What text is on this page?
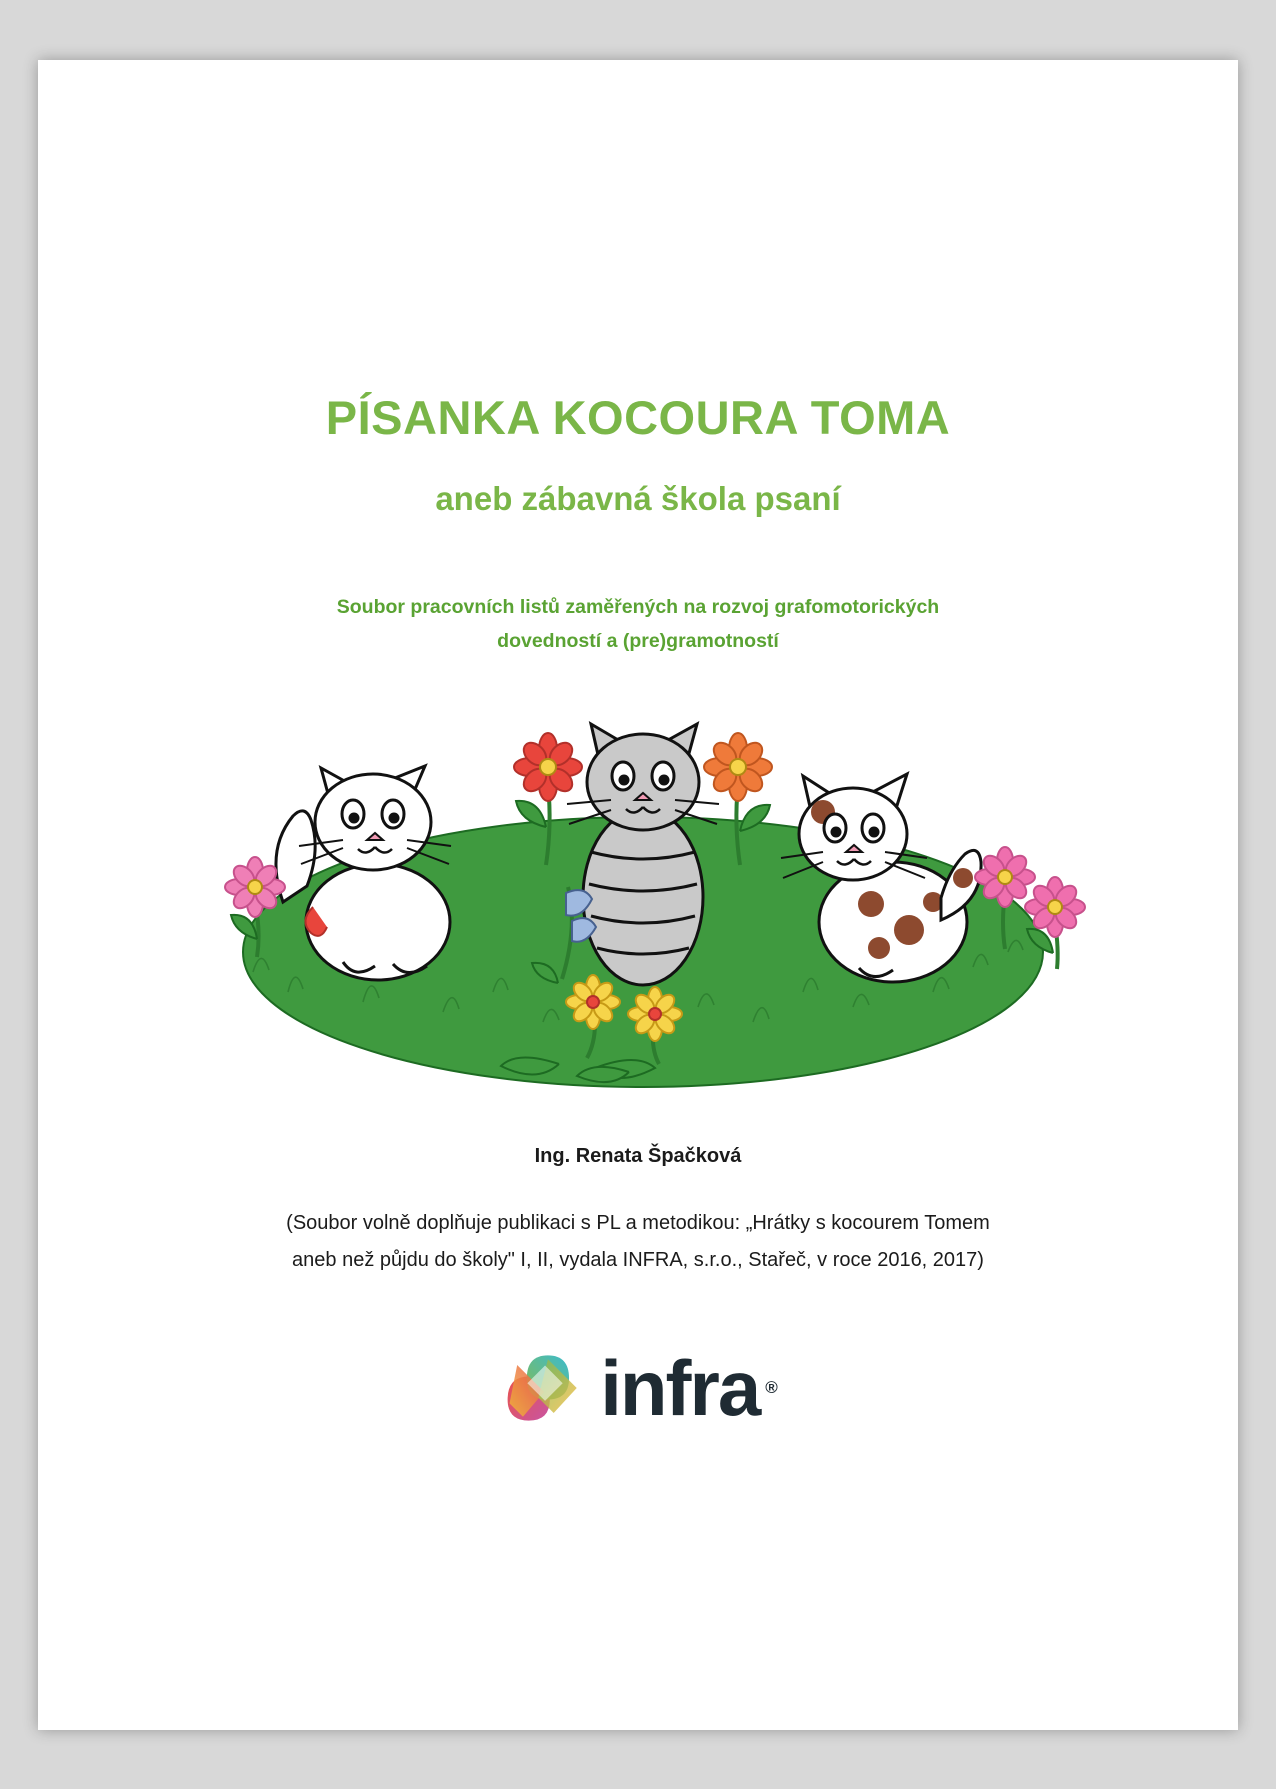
PÍSANKA KOCOURA TOMA
aneb zábavná škola psaní
Soubor pracovních listů zaměřených na rozvoj grafomotorických
dovedností a (pre)gramotností
Ing. Renata Špačková
(Soubor volně doplňuje publikaci s PL a metodikou: „Hrátky s kocourem Tomem
aneb než půjdu do školy" I, II, vydala INFRA, s.r.o., Stařeč, v roce 2016, 2017)
infra ®
